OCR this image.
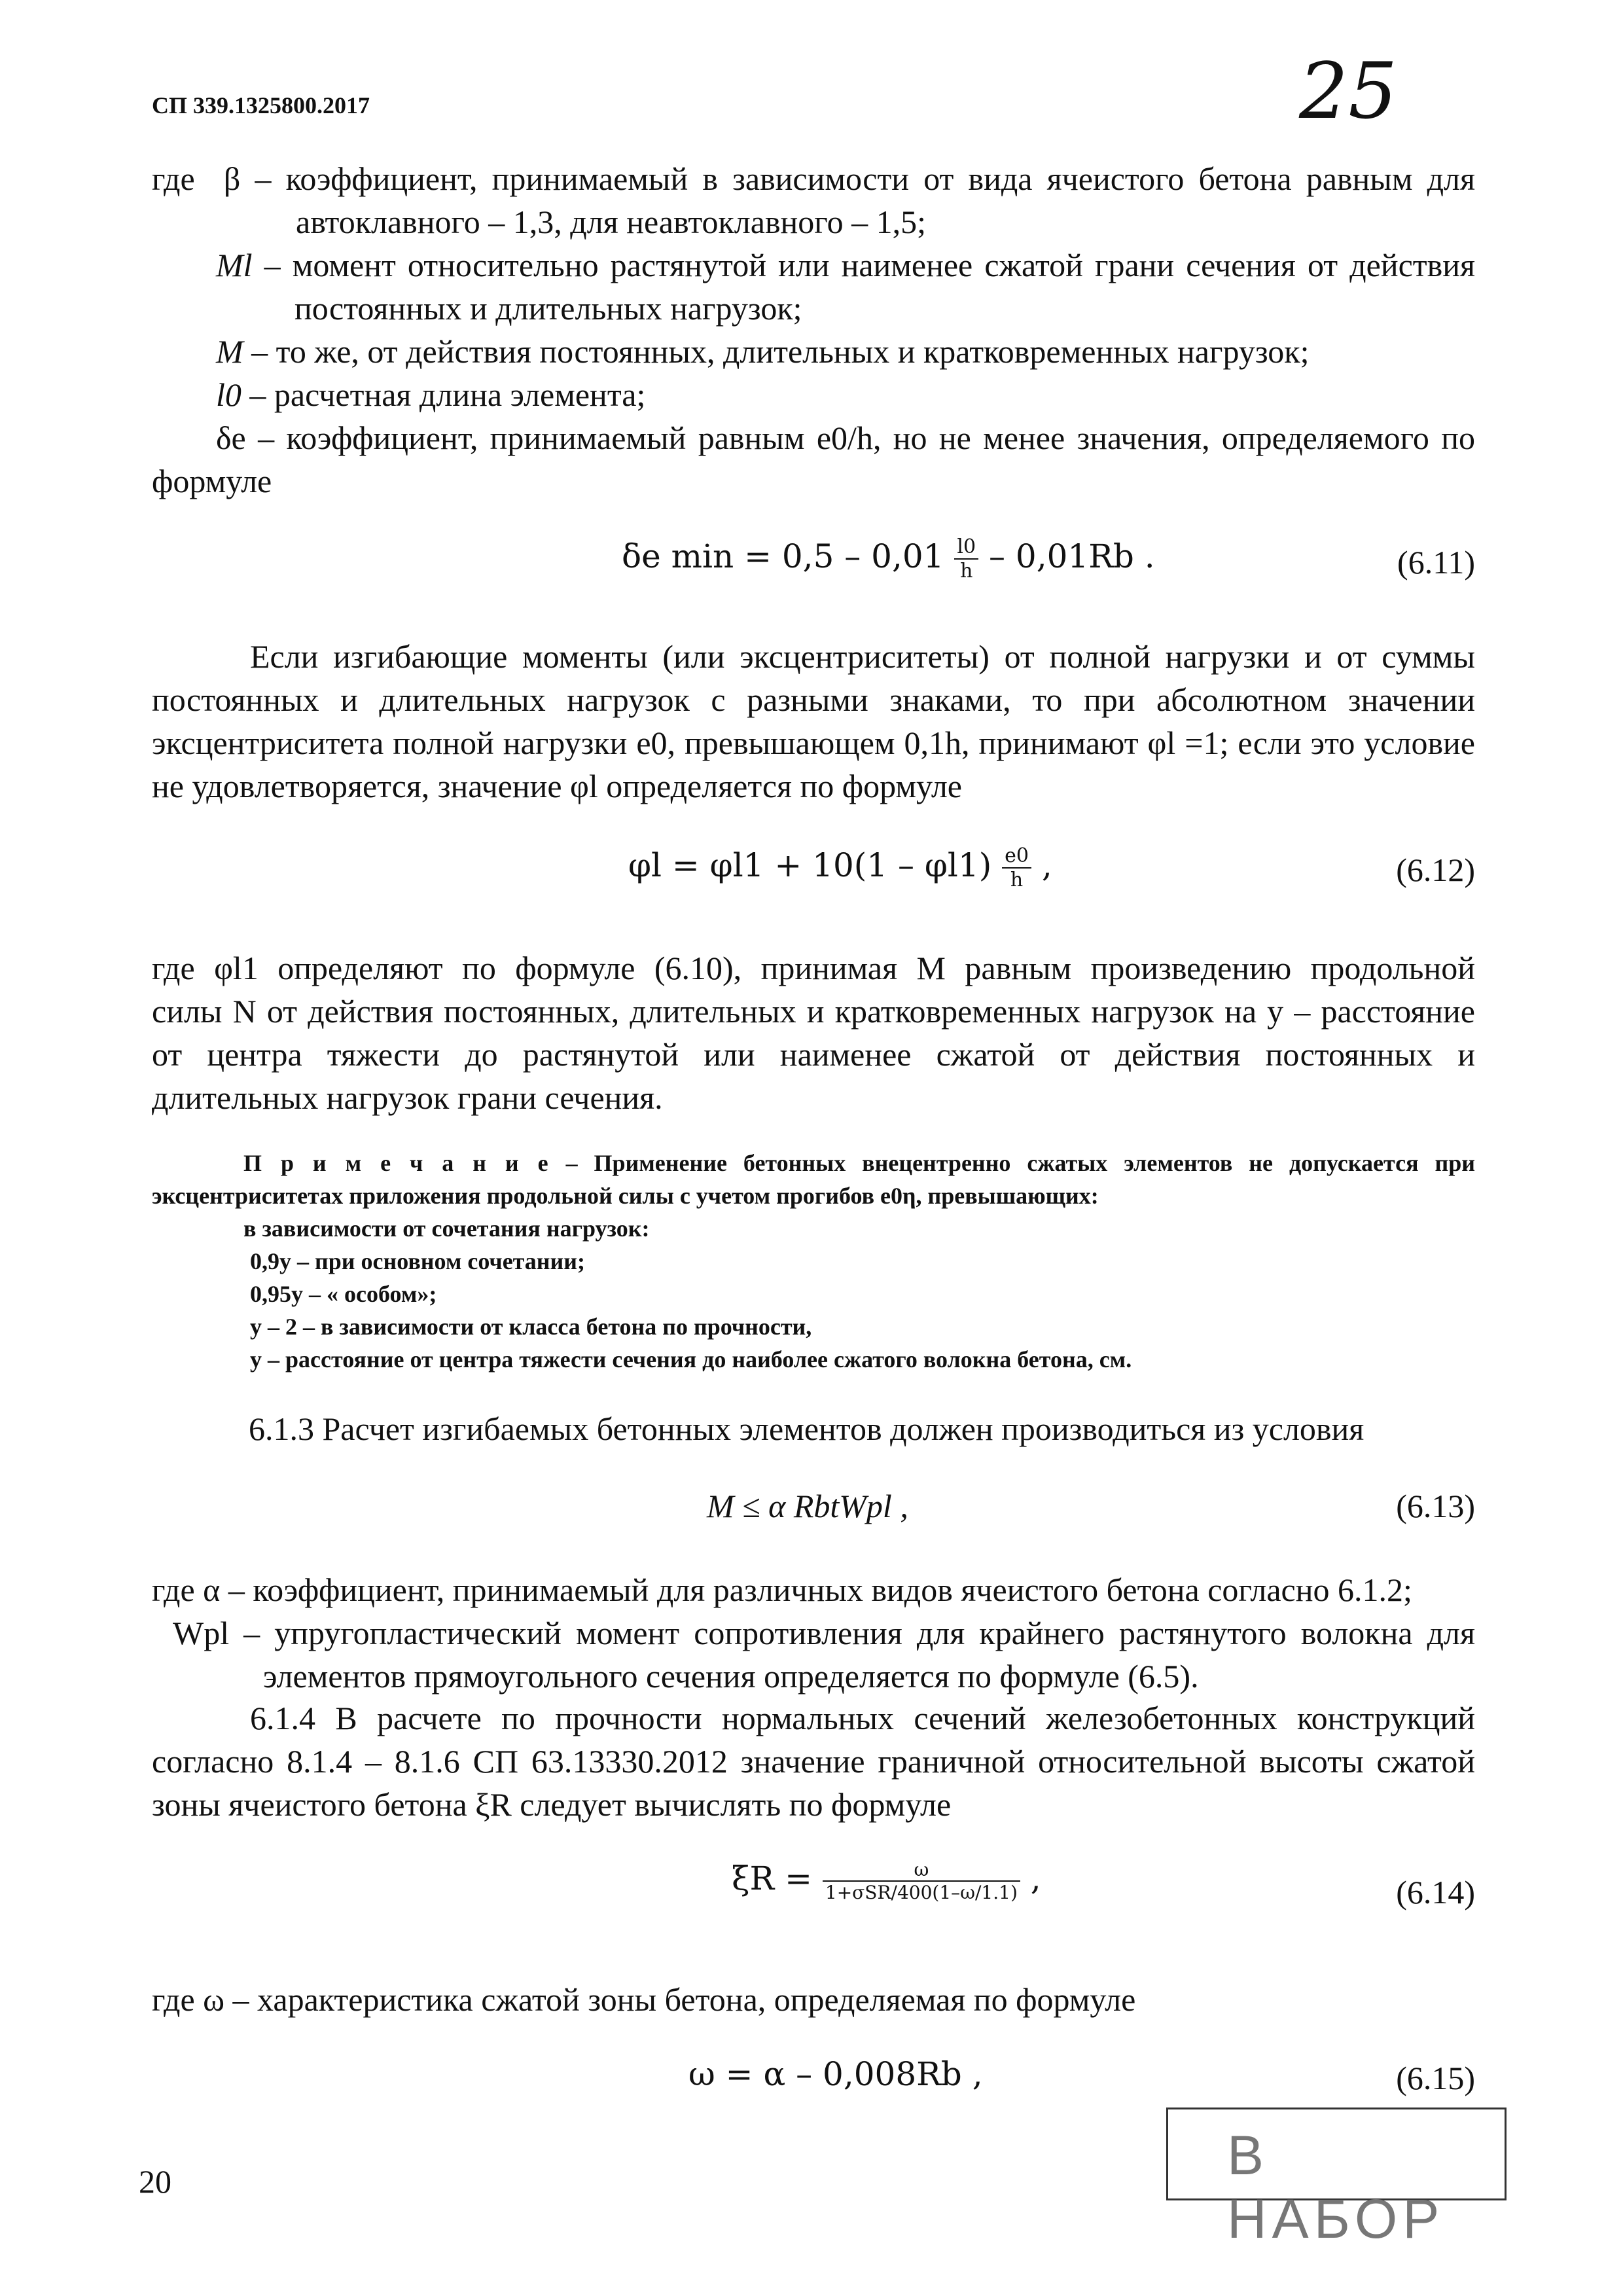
СП 339.1325800.2017	25
где β – коэффициент, принимаемый в зависимости от вида ячеистого бетона равным для
автоклавного – 1,3, для неавтоклавного – 1,5;
Ml – момент относительно растянутой или наименее сжатой грани сечения от действия
постоянных и длительных нагрузок;
M – то же, от действия постоянных, длительных и кратковременных нагрузок;
l0 – расчетная длина элемента;
δe – коэффициент, принимаемый равным e0/h, но не менее значения, определяемого по
формуле
δe $\min = 0,5 - 0,01 \frac{l0}{h} - 0,01Rb$ .	(6.11)
Если изгибающие моменты (или эксцентриситеты) от полной нагрузки и от суммы
постоянных и длительных нагрузок с разными знаками, то при абсолютном значении
эксцентриситета полной нагрузки e0, превышающем 0,1h, принимают φl =1; если это условие
не удовлетворяется, значение φl определяется по формуле
$\varphi l = \varphi l1 + 10(1 - \varphi l1) \frac{e0}{h}$ ,	(6.12)
где φl1 определяют по формуле (6.10), принимая M равным произведению продольной
силы N от действия постоянных, длительных и кратковременных нагрузок на y – расстояние
от центра тяжести до растянутой или наименее сжатой от действия постоянных и
длительных нагрузок грани сечения.
П р и м е ч а н и е – Применение бетонных внецентренно сжатых элементов не допускается при
эксцентриситетах приложения продольной силы с учетом прогибов e0η, превышающих:
в зависимости от сочетания нагрузок:
0,9y – при основном сочетании;
0,95y – « особом»;
y – 2 – в зависимости от класса бетона по прочности,
y – расстояние от центра тяжести сечения до наиболее сжатого волокна бетона, см.
6.1.3 Расчет изгибаемых бетонных элементов должен производиться из условия
M ≤ α RbtWpl ,	(6.13)
где α – коэффициент, принимаемый для различных видов ячеистого бетона согласно 6.1.2;
Wpl – упругопластический момент сопротивления для крайнего растянутого волокна для
элементов прямоугольного сечения определяется по формуле (6.5).
6.1.4 В расчете по прочности нормальных сечений железобетонных конструкций
согласно 8.1.4 – 8.1.6 СП 63.13330.2012 значение граничной относительной высоты сжатой
зоны ячеистого бетона ξR следует вычислять по формуле
$\xi R = \frac{\omega}{\text{1+σSR/400(1–ω/1.1)}}$ ,	(6.14)
где ω – характеристика сжатой зоны бетона, определяемая по формуле
ω = α – 0,008Rb ,	(6.15)
В НАБОР
20
